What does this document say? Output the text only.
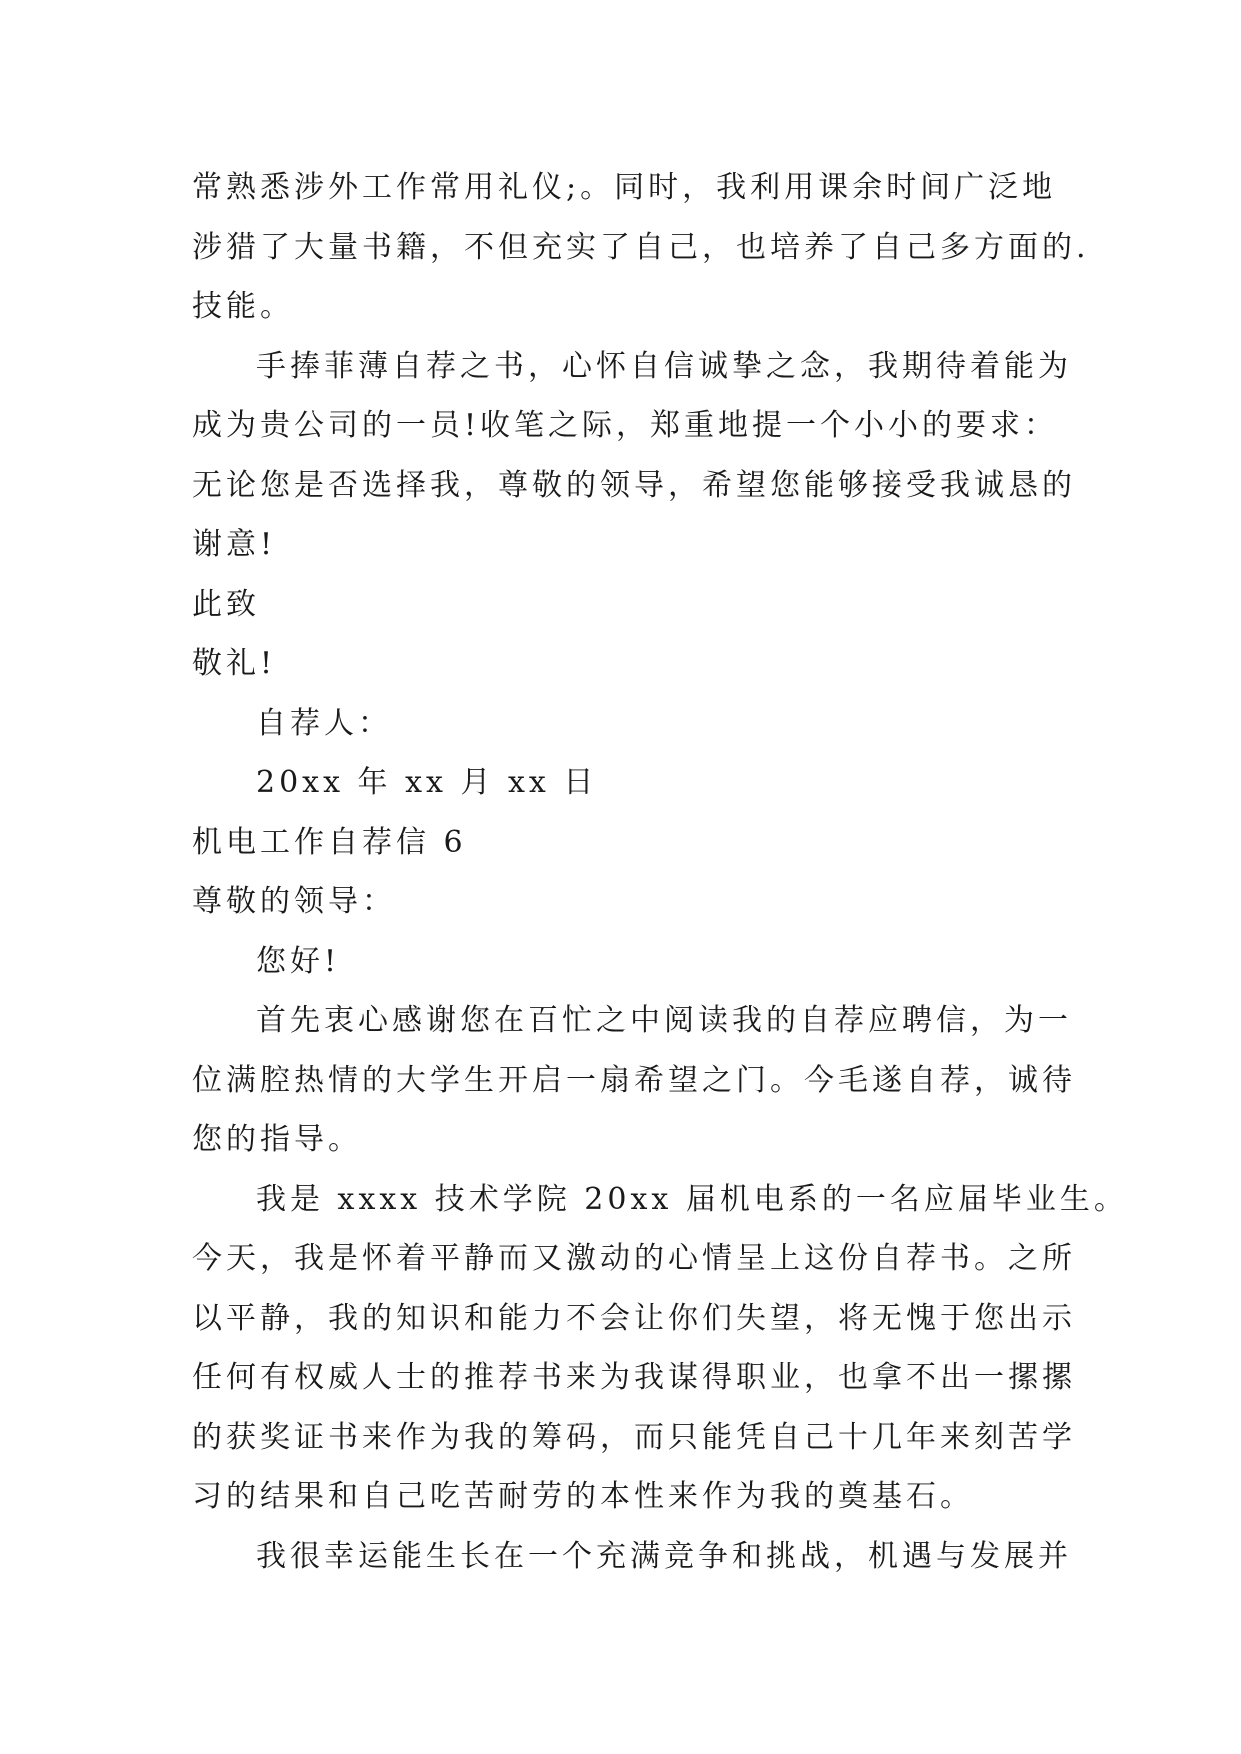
常熟悉涉外工作常用礼仪;。同时，我利用课余时间广泛地
涉猎了大量书籍，不但充实了自己，也培养了自己多方面的.
技能。
手捧菲薄自荐之书，心怀自信诚挚之念，我期待着能为
成为贵公司的一员!收笔之际，郑重地提一个小小的要求：
无论您是否选择我，尊敬的领导，希望您能够接受我诚恳的
谢意!
此致
敬礼!
自荐人：
20xx 年 xx 月 xx 日
机电工作自荐信 6
尊敬的领导：
您好!
首先衷心感谢您在百忙之中阅读我的自荐应聘信，为一
位满腔热情的大学生开启一扇希望之门。今毛遂自荐，诚待
您的指导。
我是 xxxx 技术学院 20xx 届机电系的一名应届毕业生。
今天，我是怀着平静而又激动的心情呈上这份自荐书。之所
以平静，我的知识和能力不会让你们失望，将无愧于您出示
任何有权威人士的推荐书来为我谋得职业，也拿不出一摞摞
的获奖证书来作为我的筹码，而只能凭自己十几年来刻苦学
习的结果和自己吃苦耐劳的本性来作为我的奠基石。
我很幸运能生长在一个充满竞争和挑战，机遇与发展并
